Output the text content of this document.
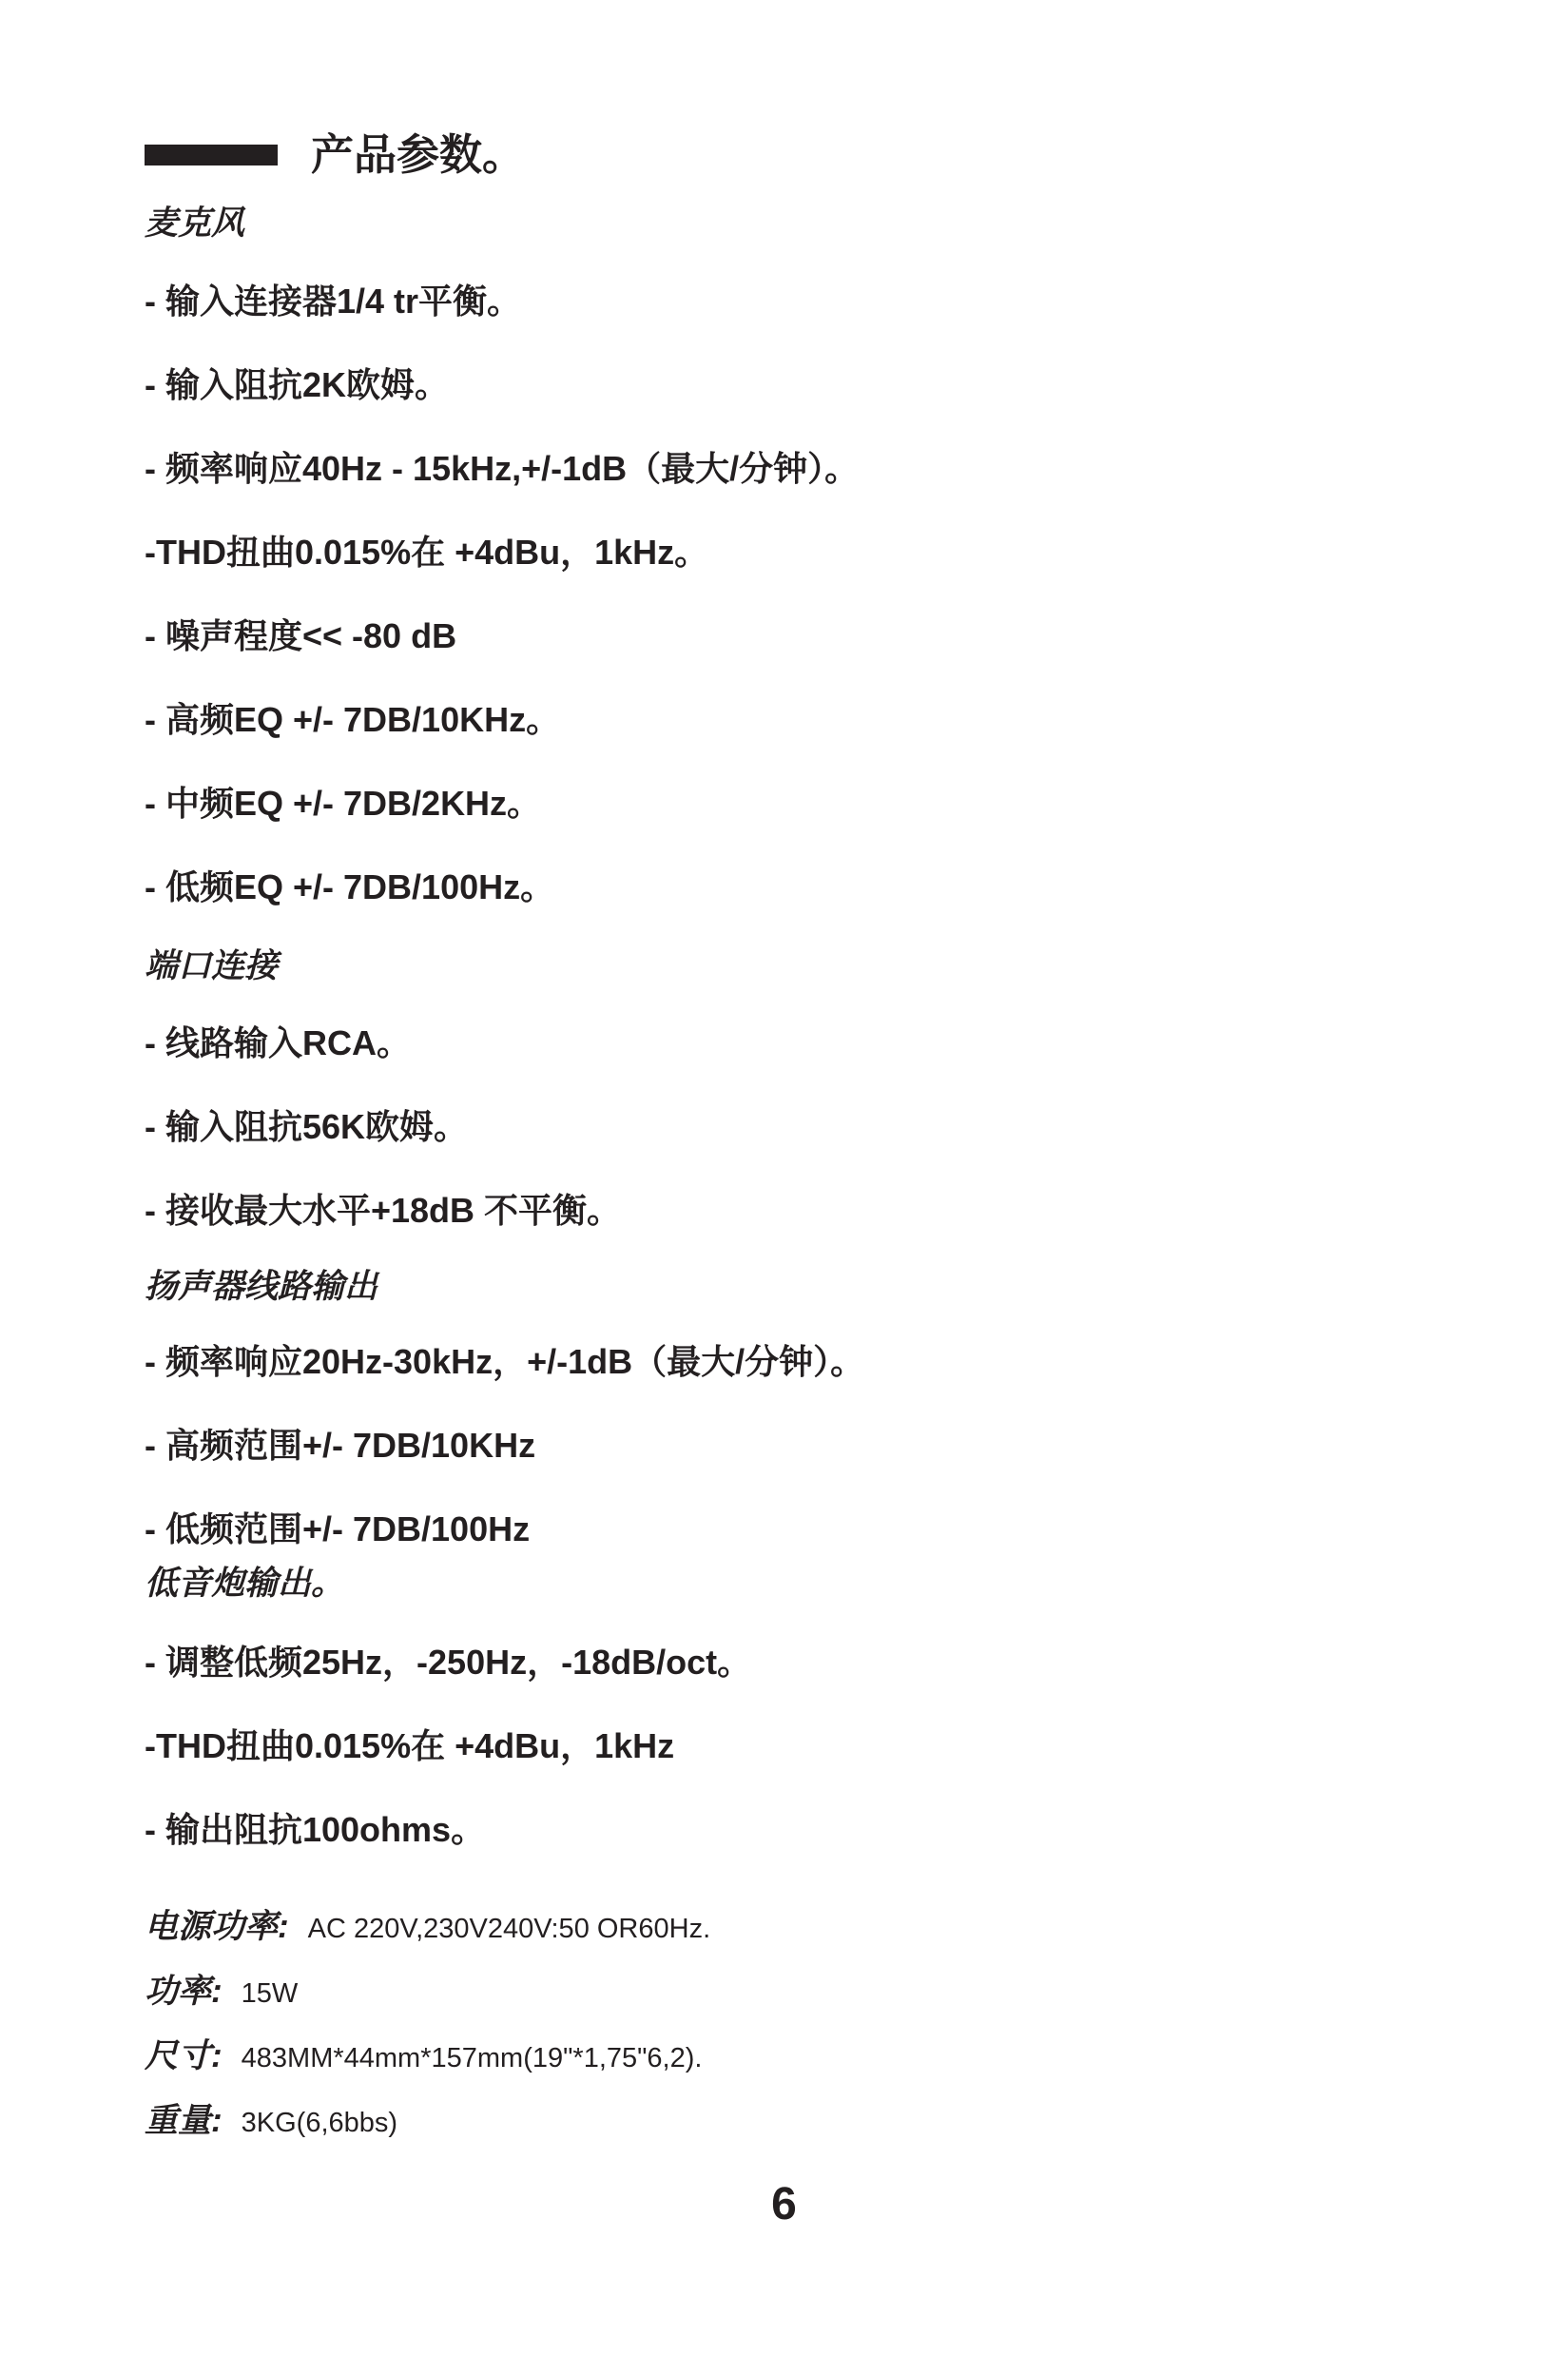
产品参数。
麦克风
- 输入连接器1/4 tr平衡。
- 输入阻抗2K欧姆。
- 频率响应40Hz - 15kHz,+/-1dB（最大/分钟）。
-THD扭曲0.015%在 +4dBu，1kHz。
- 噪声程度<< -80 dB
- 高频EQ +/- 7DB/10KHz。
- 中频EQ +/- 7DB/2KHz。
- 低频EQ +/- 7DB/100Hz。
端口连接
- 线路输入RCA。
- 输入阻抗56K欧姆。
- 接收最大水平+18dB 不平衡。
扬声器线路输出
- 频率响应20Hz-30kHz，+/-1dB（最大/分钟）。
- 高频范围+/- 7DB/10KHz
- 低频范围+/- 7DB/100Hz
低音炮输出。
- 调整低频25Hz，-250Hz，-18dB/oct。
-THD扭曲0.015%在 +4dBu，1kHz
- 输出阻抗100ohms。
电源功率: AC 220V,230V240V:50 OR60Hz.
功率: 15W
尺寸: 483MM*44mm*157mm(19"*1,75"6,2).
重量: 3KG(6,6bbs)
6
